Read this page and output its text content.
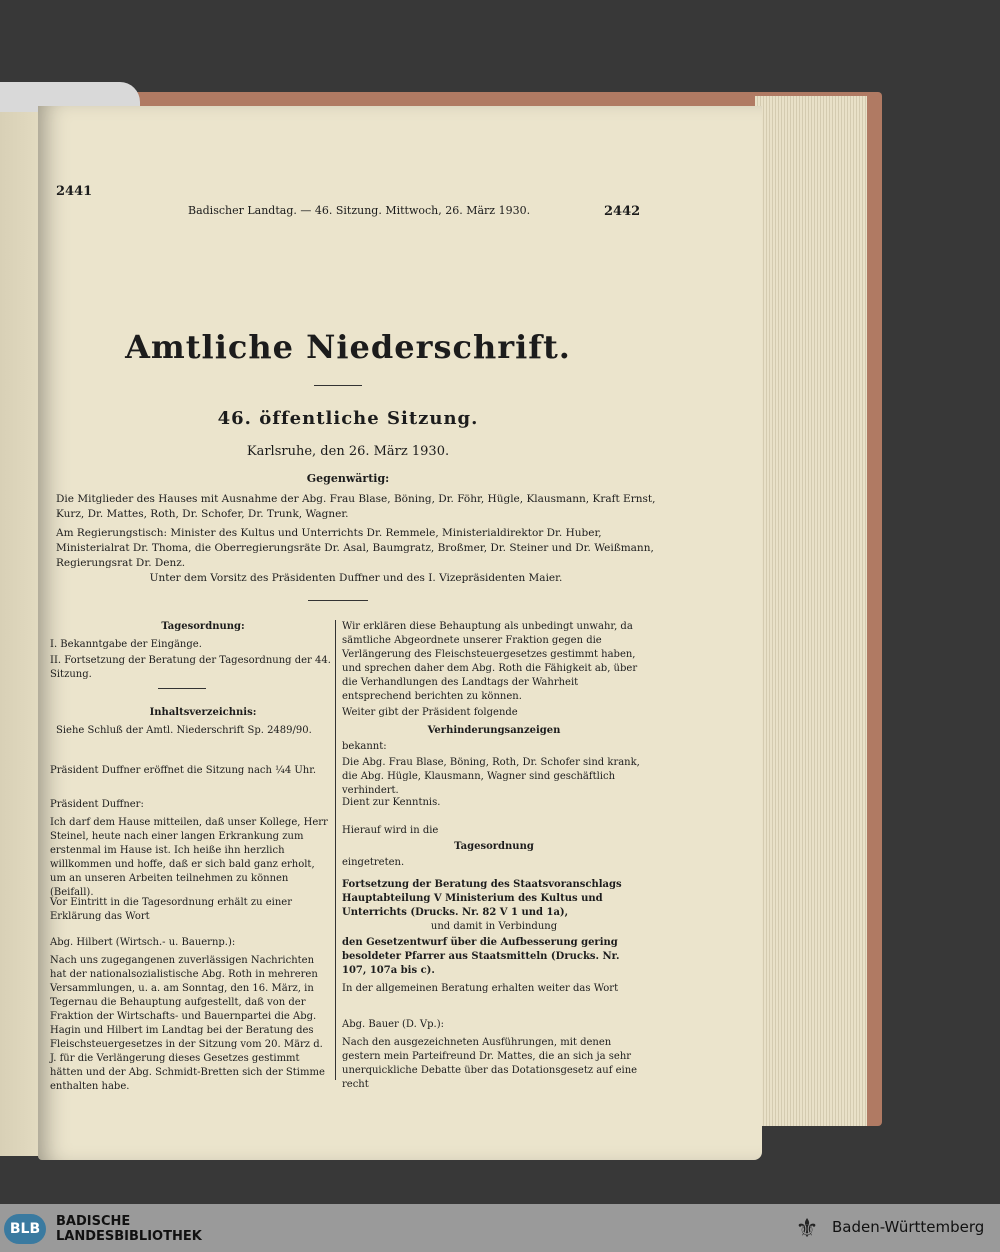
2441
Badischer Landtag. — 46. Sitzung. Mittwoch, 26. März 1930.	2442
Amtliche Niederschrift.
46. öffentliche Sitzung.
Karlsruhe, den 26. März 1930.
Gegenwärtig:
Die Mitglieder des Hauses mit Ausnahme der Abg. Frau Blase, Böning, Dr. Föhr, Hügle, Klausmann, Kraft Ernst, Kurz, Dr. Mattes, Roth, Dr. Schofer, Dr. Trunk, Wagner.
Am Regierungstisch: Minister des Kultus und Unterrichts Dr. Remmele, Ministerialdirektor Dr. Huber, Ministerialrat Dr. Thoma, die Oberregierungsräte Dr. Asal, Baumgratz, Broßmer, Dr. Steiner und Dr. Weißmann, Regierungsrat Dr. Denz.
Unter dem Vorsitz des Präsidenten Duffner und des I. Vizepräsidenten Maier.
Tagesordnung:
I. Bekanntgabe der Eingänge.
II. Fortsetzung der Beratung der Tagesordnung der 44. Sitzung.
Inhaltsverzeichnis:
Siehe Schluß der Amtl. Niederschrift Sp. 2489/90.
Präsident Duffner eröffnet die Sitzung nach ¼4 Uhr.
Präsident Duffner:
Ich darf dem Hause mitteilen, daß unser Kollege, Herr Steinel, heute nach einer langen Erkrankung zum erstenmal im Hause ist. Ich heiße ihn herzlich willkommen und hoffe, daß er sich bald ganz erholt, um an unseren Arbeiten teilnehmen zu können (Beifall).
Vor Eintritt in die Tagesordnung erhält zu einer Erklärung das Wort
Abg. Hilbert (Wirtsch.- u. Bauernp.):
Nach uns zugegangenen zuverlässigen Nachrichten hat der nationalsozialistische Abg. Roth in mehreren Versammlungen, u. a. am Sonntag, den 16. März, in Tegernau die Behauptung aufgestellt, daß von der Fraktion der Wirtschafts- und Bauernpartei die Abg. Hagin und Hilbert im Landtag bei der Beratung des Fleischsteuergesetzes in der Sitzung vom 20. März d. J. für die Verlängerung dieses Gesetzes gestimmt hätten und der Abg. Schmidt-Bretten sich der Stimme enthalten habe.
Wir erklären diese Behauptung als unbedingt unwahr, da sämtliche Abgeordnete unserer Fraktion gegen die Verlängerung des Fleischsteuergesetzes gestimmt haben, und sprechen daher dem Abg. Roth die Fähigkeit ab, über die Verhandlungen des Landtags der Wahrheit entsprechend berichten zu können.
Weiter gibt der Präsident folgende
Verhinderungsanzeigen
bekannt:
Die Abg. Frau Blase, Böning, Roth, Dr. Schofer sind krank, die Abg. Hügle, Klausmann, Wagner sind geschäftlich verhindert.
Dient zur Kenntnis.
Hierauf wird in die
Tagesordnung
eingetreten.
Fortsetzung der Beratung des Staatsvoranschlags Hauptabteilung V Ministerium des Kultus und Unterrichts (Drucks. Nr. 82 V 1 und 1a),
und damit in Verbindung
den Gesetzentwurf über die Aufbesserung gering besoldeter Pfarrer aus Staatsmitteln (Drucks. Nr. 107, 107a bis c).
In der allgemeinen Beratung erhalten weiter das Wort
Abg. Bauer (D. Vp.):
Nach den ausgezeichneten Ausführungen, mit denen gestern mein Parteifreund Dr. Mattes, die an sich ja sehr unerquickliche Debatte über das Dotationsgesetz auf eine recht
BLB	BADISCHE
LANDESBIBLIOTHEK	⚜ Baden-Württemberg
